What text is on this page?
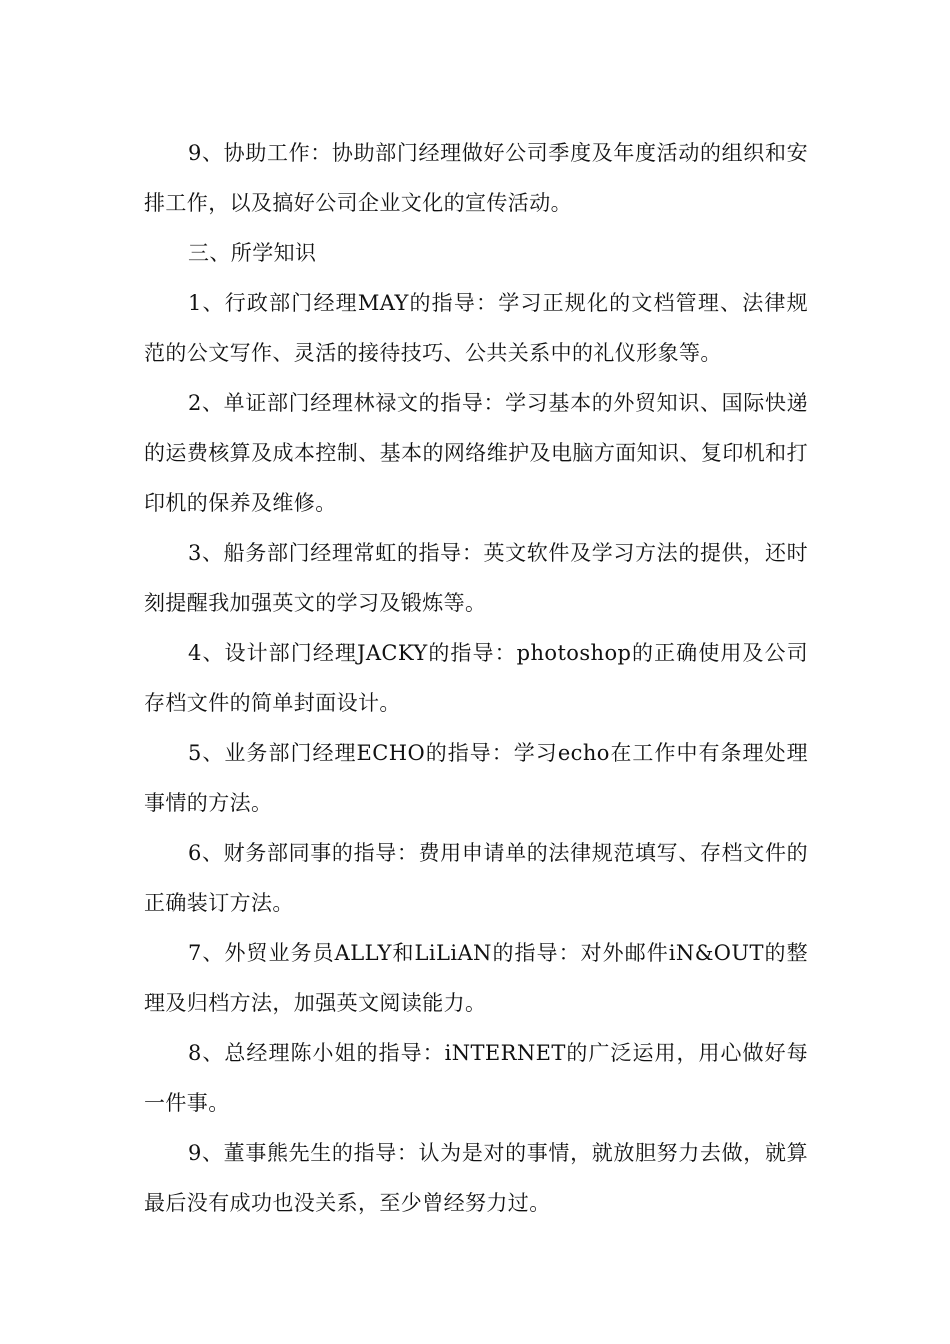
9、协助工作：协助部门经理做好公司季度及年度活动的组织和安排工作，以及搞好公司企业文化的宣传活动。

三、所学知识

1、行政部门经理MAY的指导：学习正规化的文档管理、法律规范的公文写作、灵活的接待技巧、公共关系中的礼仪形象等。

2、单证部门经理林禄文的指导：学习基本的外贸知识、国际快递的运费核算及成本控制、基本的网络维护及电脑方面知识、复印机和打印机的保养及维修。

3、船务部门经理常虹的指导：英文软件及学习方法的提供，还时刻提醒我加强英文的学习及锻炼等。

4、设计部门经理JACKY的指导：photoshop的正确使用及公司存档文件的简单封面设计。

5、业务部门经理ECHO的指导：学习echo在工作中有条理处理事情的方法。

6、财务部同事的指导：费用申请单的法律规范填写、存档文件的正确装订方法。

7、外贸业务员ALLY和LiLiAN的指导：对外邮件iN&OUT的整理及归档方法，加强英文阅读能力。

8、总经理陈小姐的指导：iNTERNET的广泛运用，用心做好每一件事。

9、董事熊先生的指导：认为是对的事情，就放胆努力去做，就算最后没有成功也没关系，至少曾经努力过。
